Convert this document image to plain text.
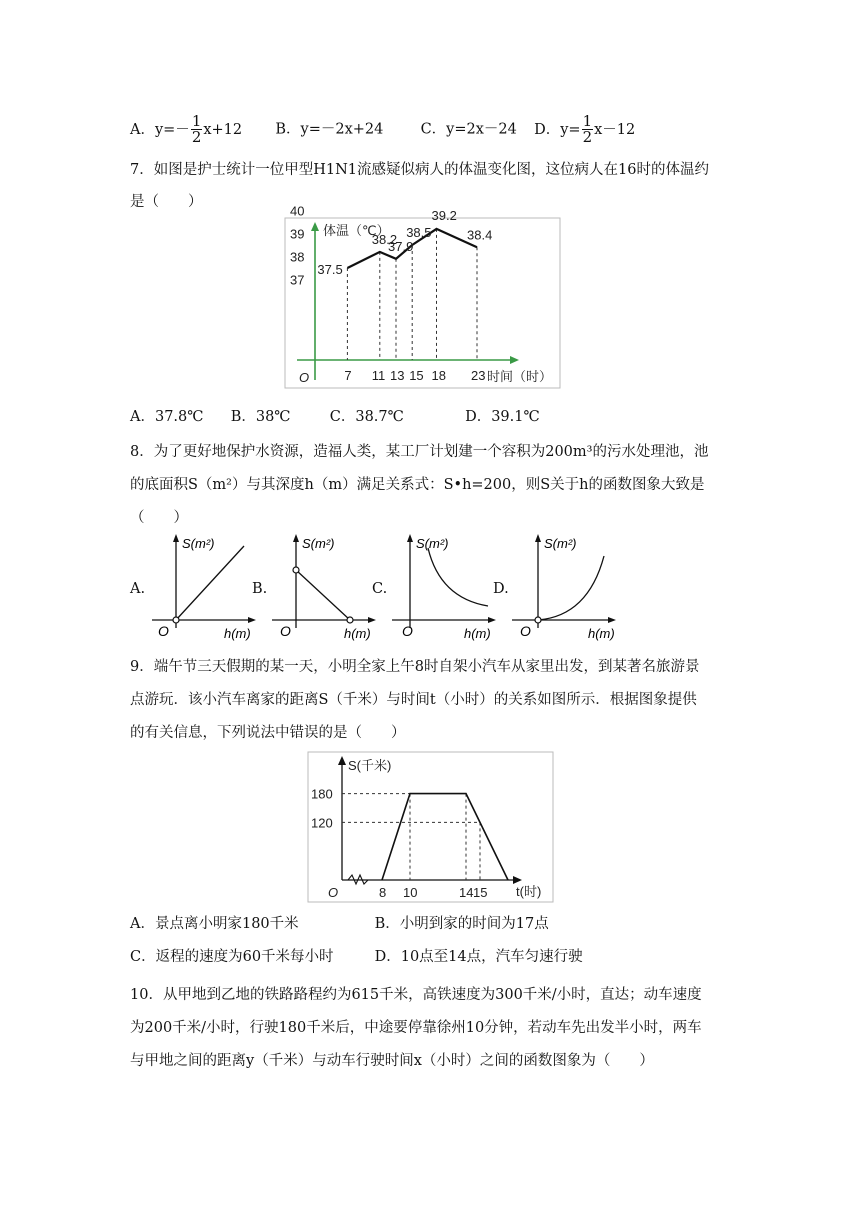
A．$y=- \frac{1}{2} x+12$ B．y=－2x+24	C．y=2x－24 D．$y= \frac{1}{2} x-12$
7．如图是护士统计一位甲型H1N1流感疑似病人的体温变化图，这位病人在16时的体温约
是（　　）
体温（℃）
时间（时）
O
40
39
38
37
7 11 13 15 18 23
37.5
38.2
37.9
38.5
39.2
38.4
A．37.8℃ B．38℃	C．38.7℃	D．39.1℃
8．为了更好地保护水资源，造福人类，某工厂计划建一个容积为200m³的污水处理池，池
的底面积S（m²）与其深度h（m）满足关系式：S•h=200，则S关于h的函数图象大致是
（　　）
A.	B.	C.	D.
S(m²)
h(m)
O
S(m²)
h(m)
O
S(m²)
h(m)
O
S(m²)
h(m)
O
9．端午节三天假期的某一天，小明全家上午8时自架小汽车从家里出发，到某著名旅游景
点游玩．该小汽车离家的距离S（千米）与时间t（小时）的关系如图所示．根据图象提供
的有关信息，下列说法中错误的是（　　）
S(千米)
t(时)
O
180
120
8 10	14 15
A．景点离小明家180千米	B．小明到家的时间为17点
C．返程的速度为60千米每小时	D．10点至14点，汽车匀速行驶
10．从甲地到乙地的铁路路程约为615千米，高铁速度为300千米/小时，直达；动车速度
为200千米/小时，行驶180千米后，中途要停靠徐州10分钟，若动车先出发半小时，两车
与甲地之间的距离y（千米）与动车行驶时间x（小时）之间的函数图象为（　　）
